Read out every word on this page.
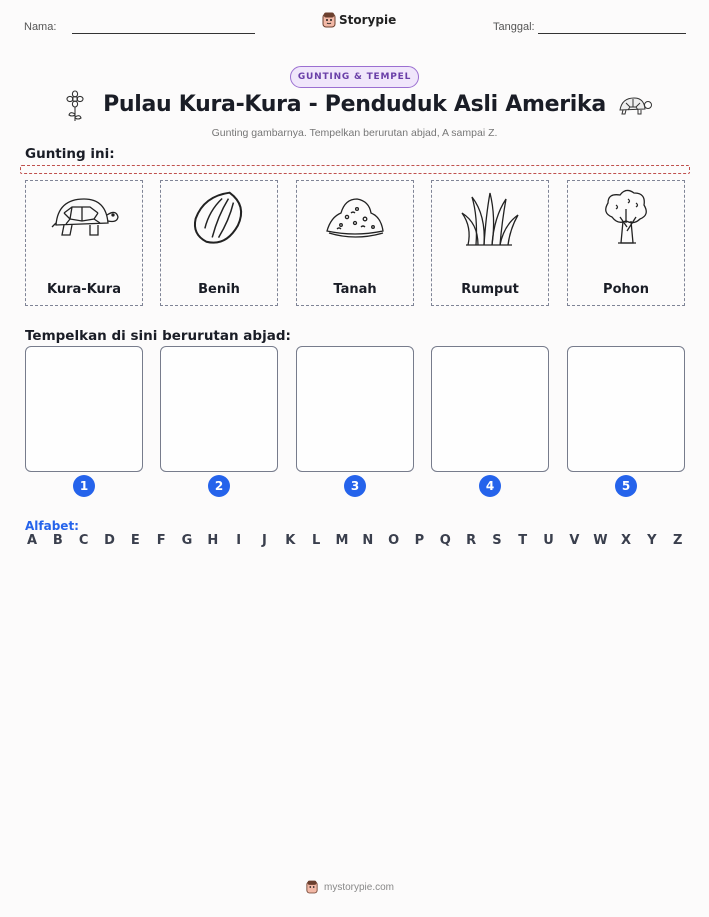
Nama:	Storypie	Tanggal:
GUNTING & TEMPEL
Pulau Kura-Kura - Penduduk Asli Amerika
Gunting gambarnya. Tempelkan berurutan abjad, A sampai Z.
Gunting ini:
Kura-Kura	Benih	Tanah	Rumput	Pohon
Tempelkan di sini berurutan abjad:
1	2	3	4	5
Alfabet:
A B C D E F G H	I	J	K L M N O P Q R S T U V W X Y Z
mystorypie.com
